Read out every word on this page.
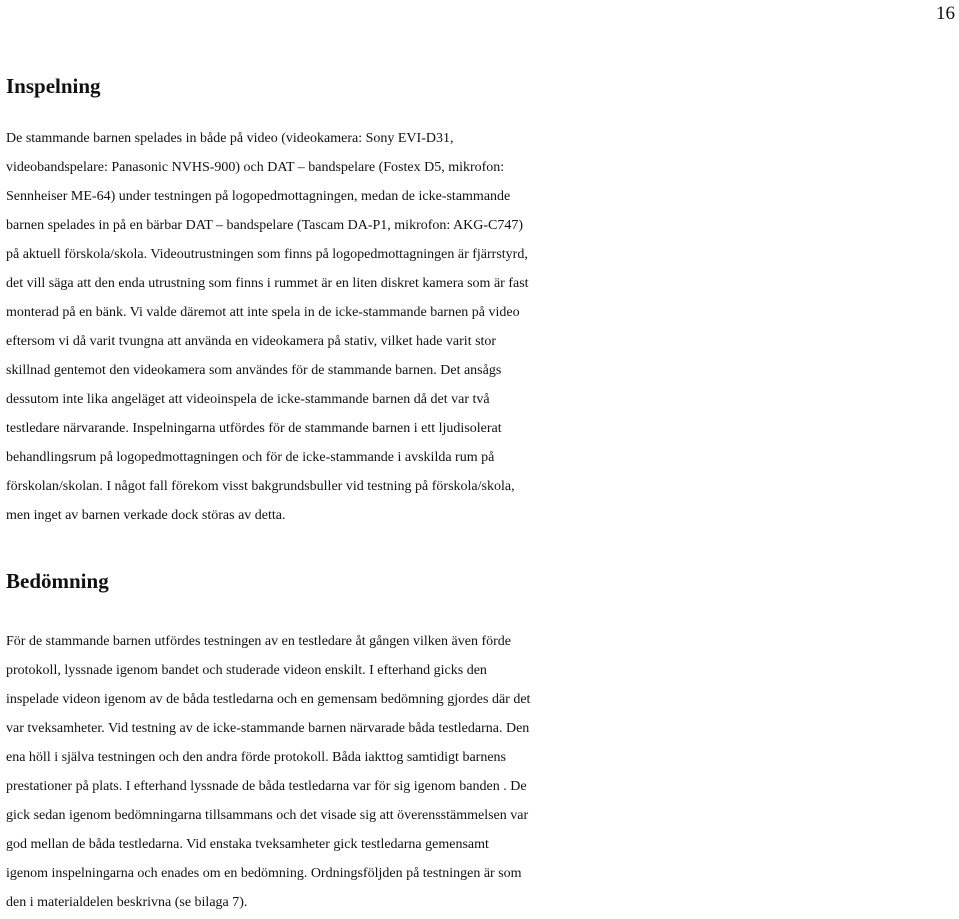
16
Inspelning
De stammande barnen spelades in både på video (videokamera: Sony EVI-D31,
videobandspelare: Panasonic NVHS-900) och DAT – bandspelare (Fostex D5, mikrofon:
Sennheiser ME-64) under testningen på logopedmottagningen, medan de icke-stammande
barnen spelades in på en bärbar DAT – bandspelare (Tascam DA-P1, mikrofon: AKG-C747)
på aktuell förskola/skola. Videoutrustningen som finns på logopedmottagningen är fjärrstyrd,
det vill säga att den enda utrustning som finns i rummet är en liten diskret kamera som är fast
monterad på en bänk. Vi valde däremot att inte spela in de icke-stammande barnen på video
eftersom vi då varit tvungna att använda en videokamera på stativ, vilket hade varit stor
skillnad gentemot den videokamera som användes för de stammande barnen. Det ansågs
dessutom inte lika angeläget att videoinspela de icke-stammande barnen då det var två
testledare närvarande. Inspelningarna utfördes för de stammande barnen i ett ljudisolerat
behandlingsrum på logopedmottagningen och för de icke-stammande i avskilda rum på
förskolan/skolan. I något fall förekom visst bakgrundsbuller vid testning på förskola/skola,
men inget av barnen verkade dock störas av detta.
Bedömning
För de stammande barnen utfördes testningen av en testledare åt gången vilken även förde
protokoll, lyssnade igenom bandet och studerade videon enskilt. I efterhand gicks den
inspelade videon igenom av de båda testledarna och en gemensam bedömning gjordes där det
var tveksamheter. Vid testning av de icke-stammande barnen närvarade båda testledarna. Den
ena höll i själva testningen och den andra förde protokoll. Båda iakttog samtidigt barnens
prestationer på plats. I efterhand lyssnade de båda testledarna var för sig igenom banden . De
gick sedan igenom bedömningarna tillsammans och det visade sig att överensstämmelsen var
god mellan de båda testledarna. Vid enstaka tveksamheter gick testledarna gemensamt
igenom inspelningarna och enades om en bedömning. Ordningsföljden på testningen är som
den i materialdelen beskrivna (se bilaga 7).
